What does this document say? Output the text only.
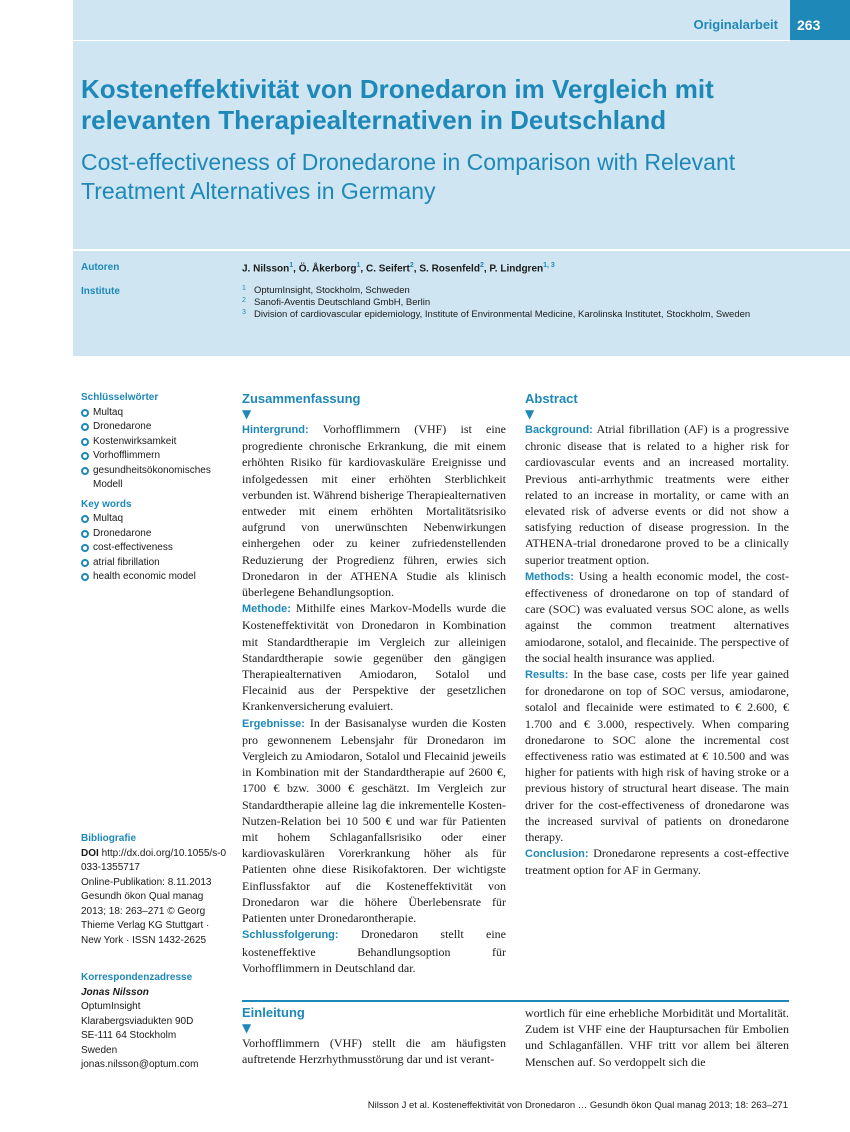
Originalarbeit	263
Kosteneffektivität von Dronedaron im Vergleich mit relevanten Therapiealternativen in Deutschland
Cost-effectiveness of Dronedarone in Comparison with Relevant Treatment Alternatives in Germany
Autoren
Institute
J. Nilsson$^1$, Ö. Åkerborg$^1$, C. Seifert$^2$, S. Rosenfeld$^2$, P. Lindgren$^{1, 3}$
1 OptumInsight, Stockholm, Schweden
2 Sanofi-Aventis Deutschland GmbH, Berlin
3 Division of cardiovascular epidemiology, Institute of Environmental Medicine, Karolinska Institutet, Stockholm, Sweden
Schlüsselwörter
Multaq
Dronedarone
Kostenwirksamkeit
Vorhofflimmern
gesundheitsökonomisches Modell
Key words
Multaq
Dronedarone
cost-effectiveness
atrial fibrillation
health economic model
Bibliografie
DOI http://dx.doi.org/10.1055/s-0033-1355717
Online-Publikation: 8.11.2013
Gesundh ökon Qual manag
2013; 18: 263–271 © Georg
Thieme Verlag KG Stuttgart ·
New York · ISSN 1432-2625
Korrespondenzadresse
Jonas Nilsson
OptumInsight
Klarabergsviadukten 90D
SE-111 64 Stockholm
Sweden
jonas.nilsson@optum.com
Zusammenfassung
▼

Hintergrund: Vorhofflimmern (VHF) ist eine progrediente chronische Erkrankung, die mit einem erhöhten Risiko für kardiovaskuläre Ereignisse und infolgedessen mit einer erhöhten Sterblichkeit verbunden ist. Während bisherige Therapiealternativen entweder mit einem erhöhten Mortalitätsrisiko aufgrund von unerwünschten Nebenwirkungen einhergehen oder zu keiner zufriedenstellenden Reduzierung der Progredienz führen, erwies sich Dronedaron in der ATHENA Studie als klinisch überlegene Behandlungsoption.

Methode: Mithilfe eines Markov-Modells wurde die Kosteneffektivität von Dronedaron in Kombination mit Standardtherapie im Vergleich zur alleinigen Standardtherapie sowie gegenüber den gängigen Therapiealternativen Amiodaron, Sotalol und Flecainid aus der Perspektive der gesetzlichen Krankenversicherung evaluiert.

Ergebnisse: In der Basisanalyse wurden die Kosten pro gewonnenem Lebensjahr für Dronedaron im Vergleich zu Amiodaron, Sotalol und Flecainid jeweils in Kombination mit der Standardtherapie auf 2600 €, 1700 € bzw. 3000 € geschätzt. Im Vergleich zur Standardtherapie alleine lag die inkrementelle Kosten-Nutzen-Relation bei 10 500 € und war für Patienten mit hohem Schlaganfallsrisiko oder einer kardiovaskulären Vorerkrankung höher als für Patienten ohne diese Risikofaktoren. Der wichtigste Einflussfaktor auf die Kosteneffektivität von Dronedaron war die höhere Überlebensrate für Patienten unter Dronedarontherapie.

Schlussfolgerung: Dronedaron stellt eine kosteneffektive Behandlungsoption für Vorhofflimmern in Deutschland dar.

Abstract
▼

Background: Atrial fibrillation (AF) is a progressive chronic disease that is related to a higher risk for cardiovascular events and an increased mortality. Previous anti-arrhythmic treatments were either related to an increase in mortality, or came with an elevated risk of adverse events or did not show a satisfying reduction of disease progression. In the ATHENA-trial dronedarone proved to be a clinically superior treatment option.

Methods: Using a health economic model, the cost-effectiveness of dronedarone on top of standard of care (SOC) was evaluated versus SOC alone, as wells against the common treatment alternatives amiodarone, sotalol, and flecainide. The perspective of the social health insurance was applied.

Results: In the base case, costs per life year gained for dronedarone on top of SOC versus, amiodarone, sotalol and flecainide were estimated to € 2.600, € 1.700 and € 3.000, respectively. When comparing dronedarone to SOC alone the incremental cost effectiveness ratio was estimated at € 10.500 and was higher for patients with high risk of having stroke or a previous history of structural heart disease. The main driver for the cost-effectiveness of dronedarone was the increased survival of patients on dronedarone therapy.

Conclusion: Dronedarone represents a cost-effective treatment option for AF in Germany.

Einleitung
▼

Vorhofflimmern (VHF) stellt die am häufigsten auftretende Herzrhythmusstörung dar und ist verant-

wortlich für eine erhebliche Morbidität und Mortalität. Zudem ist VHF eine der Hauptursachen für Embolien und Schlaganfällen. VHF tritt vor allem bei älteren Menschen auf. So verdoppelt sich die

Nilsson J et al. Kosteneffektivität von Dronedaron … Gesundh ökon Qual manag 2013; 18: 263–271
